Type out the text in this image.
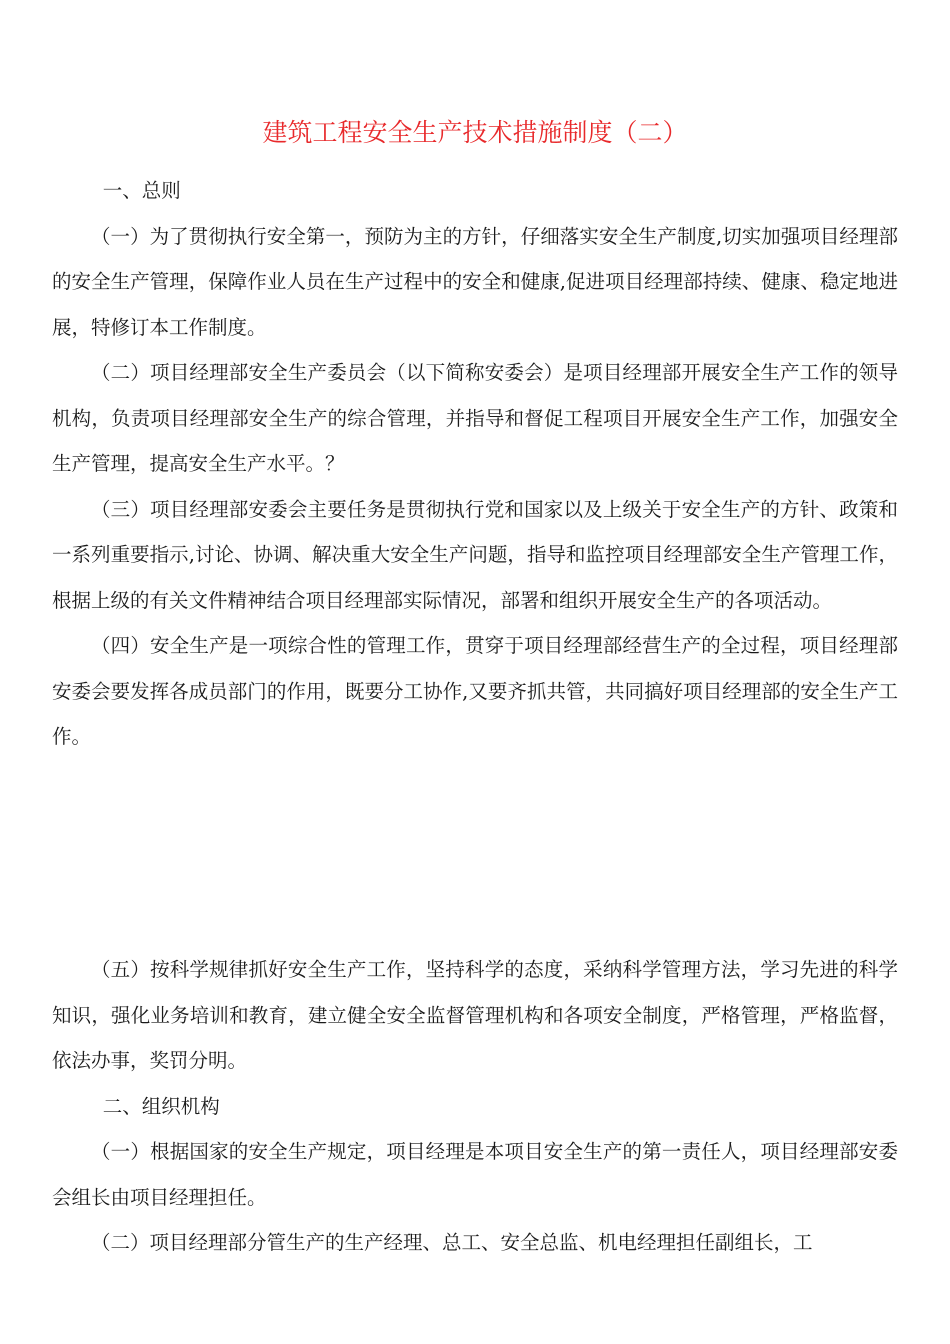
建筑工程安全生产技术措施制度（二）

一、总则

（一）为了贯彻执行安全第一，预防为主的方针，仔细落实安全生产制度,切实加强项目经理部的安全生产管理，保障作业人员在生产过程中的安全和健康,促进项目经理部持续、健康、稳定地进展，特修订本工作制度。

（二）项目经理部安全生产委员会（以下简称安委会）是项目经理部开展安全生产工作的领导机构，负责项目经理部安全生产的综合管理，并指导和督促工程项目开展安全生产工作，加强安全生产管理，提高安全生产水平。？

（三）项目经理部安委会主要任务是贯彻执行党和国家以及上级关于安全生产的方针、政策和一系列重要指示,讨论、协调、解决重大安全生产问题，指导和监控项目经理部安全生产管理工作，根据上级的有关文件精神结合项目经理部实际情况，部署和组织开展安全生产的各项活动。

（四）安全生产是一项综合性的管理工作，贯穿于项目经理部经营生产的全过程，项目经理部安委会要发挥各成员部门的作用，既要分工协作,又要齐抓共管，共同搞好项目经理部的安全生产工作。

（五）按科学规律抓好安全生产工作，坚持科学的态度，采纳科学管理方法，学习先进的科学知识，强化业务培训和教育，建立健全安全监督管理机构和各项安全制度，严格管理，严格监督，依法办事，奖罚分明。

二、组织机构

（一）根据国家的安全生产规定，项目经理是本项目安全生产的第一责任人，项目经理部安委会组长由项目经理担任。

（二）项目经理部分管生产的生产经理、总工、安全总监、机电经理担任副组长，工
